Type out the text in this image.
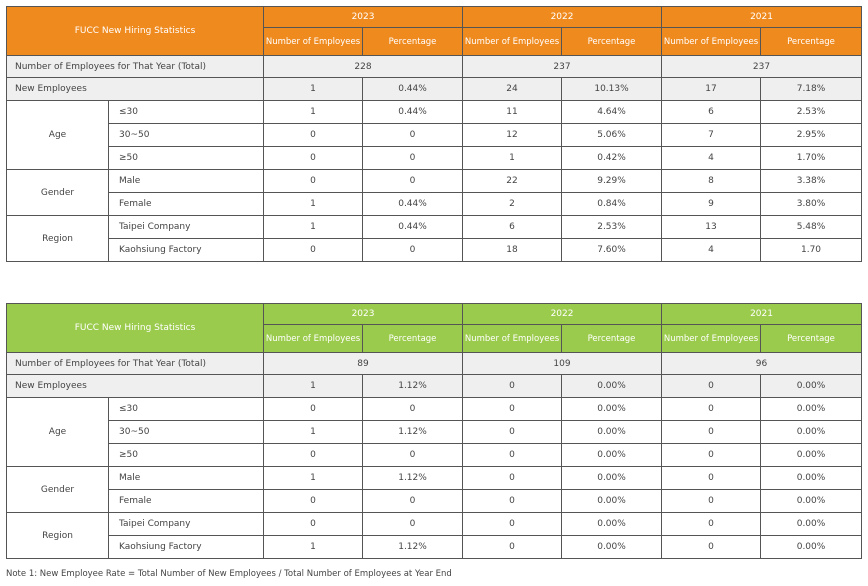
FUCC New Hiring Statistics		2023		2022		2021	
		Number of Employees	Percentage	Number of Employees	Percentage	Number of Employees	Percentage
Number of Employees for That Year (Total)		228		237		237	
New Employees		1	0.44%	24	10.13%	17	7.18%
Age	≤30	1	0.44%	11	4.64%	6	2.53%
	30~50	0	0	12	5.06%	7	2.95%
	≥50	0	0	1	0.42%	4	1.70%
Gender	Male	0	0	22	9.29%	8	3.38%
	Female	1	0.44%	2	0.84%	9	3.80%
Region	Taipei Company	1	0.44%	6	2.53%	13	5.48%
	Kaohsiung Factory	0	0	18	7.60%	4	1.70
FUCC New Hiring Statistics		2023		2022		2021	
		Number of Employees	Percentage	Number of Employees	Percentage	Number of Employees	Percentage
Number of Employees for That Year (Total)		89		109		96	
New Employees		1	1.12%	0	0.00%	0	0.00%
Age	≤30	0	0	0	0.00%	0	0.00%
	30~50	1	1.12%	0	0.00%	0	0.00%
	≥50	0	0	0	0.00%	0	0.00%
Gender	Male	1	1.12%	0	0.00%	0	0.00%
	Female	0	0	0	0.00%	0	0.00%
Region	Taipei Company	0	0	0	0.00%	0	0.00%
	Kaohsiung Factory	1	1.12%	0	0.00%	0	0.00%
Note 1: New Employee Rate = Total Number of New Employees / Total Number of Employees at Year End
